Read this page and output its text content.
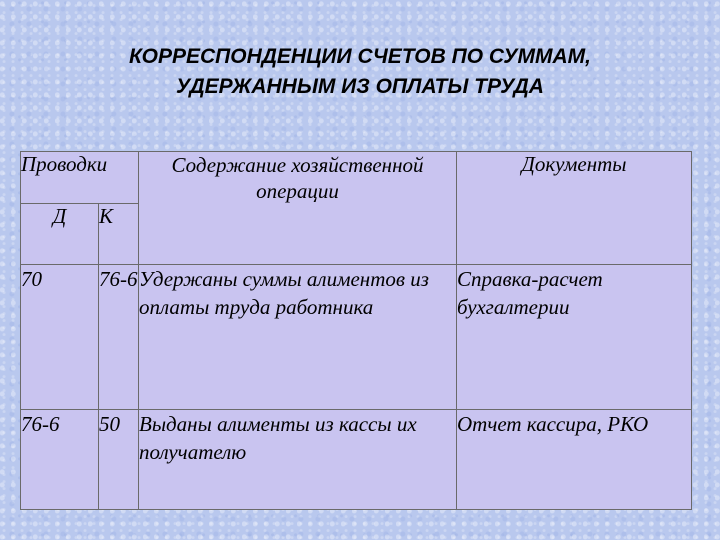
КОРРЕСПОНДЕНЦИИ СЧЕТОВ ПО СУММАМ,
УДЕРЖАННЫМ ИЗ ОПЛАТЫ ТРУДА
Проводки		Содержание хозяйственной операции	Документы
Д	К		
70	76-6	Удержаны суммы алиментов из оплаты труда работника	Справка-расчет бухгалтерии
76-6	50	Выданы алименты из кассы их получателю	Отчет кассира, РКО
